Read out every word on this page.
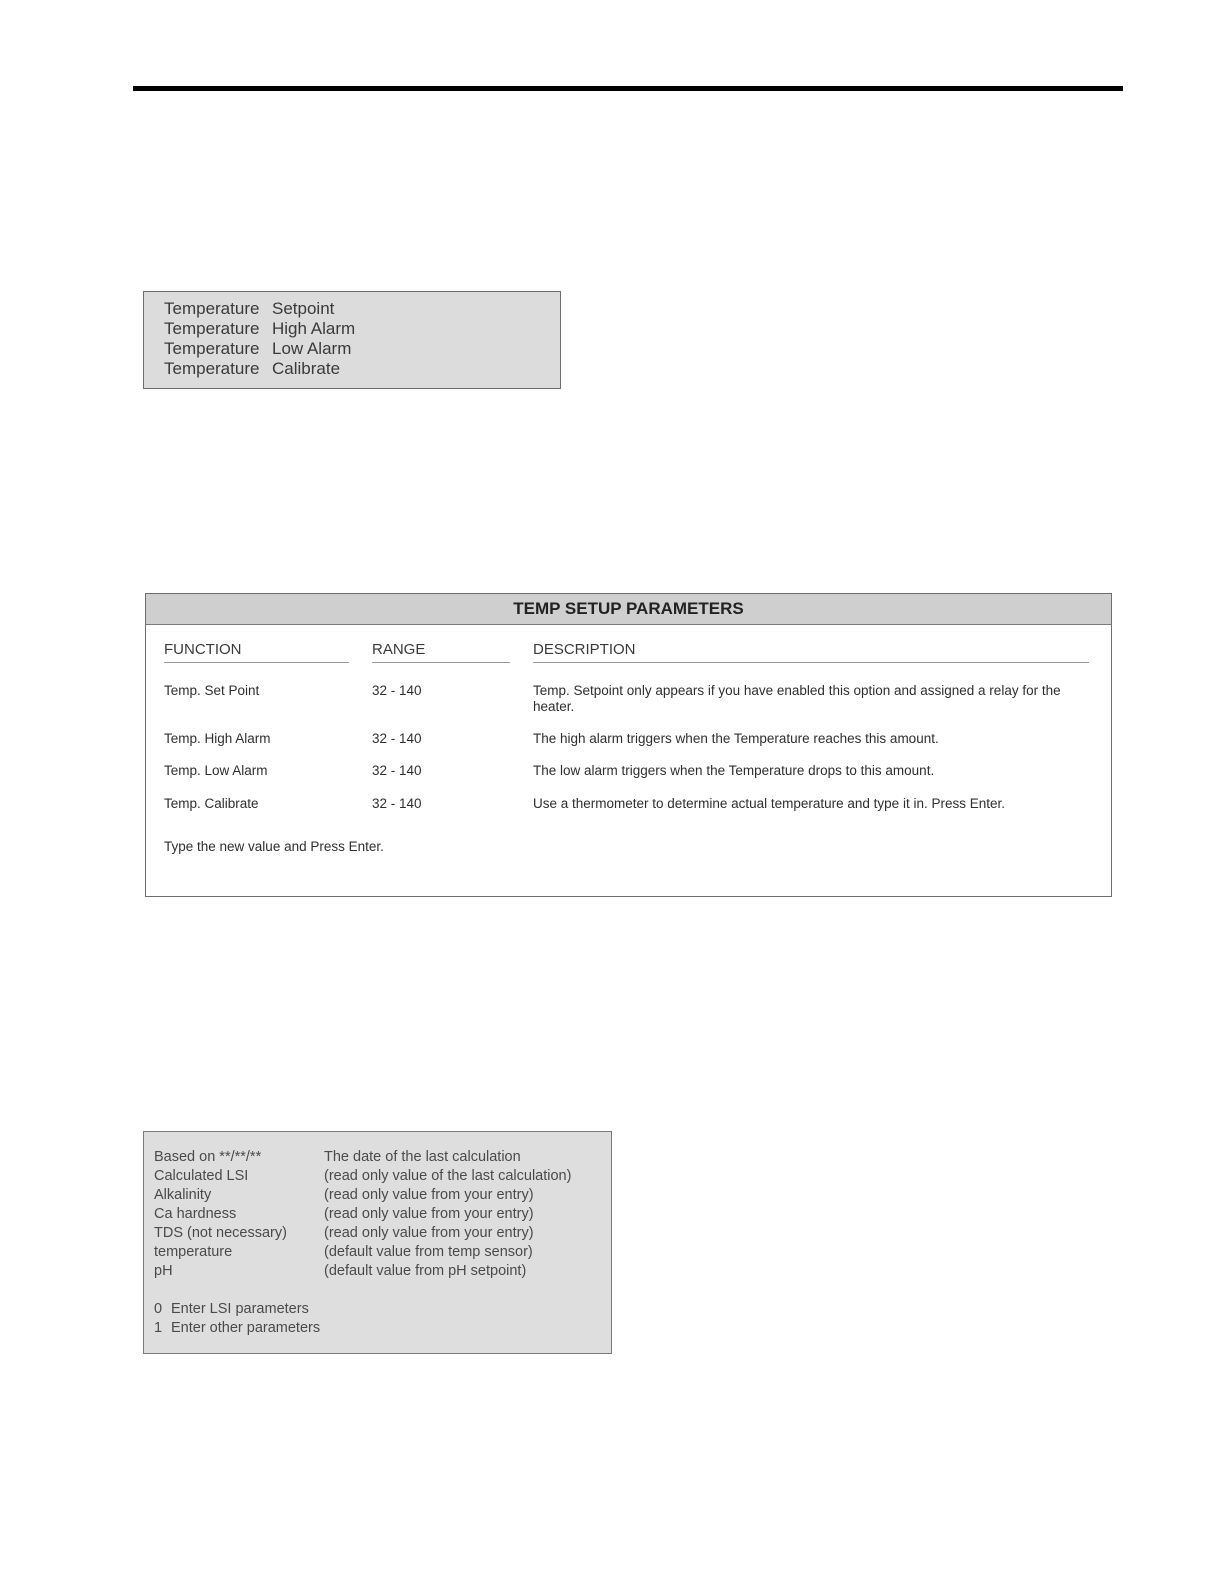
Temperature Setpoint
Temperature High Alarm
Temperature Low Alarm
Temperature Calibrate
TEMP SETUP PARAMETERS
FUNCTION	RANGE	DESCRIPTION
Temp. Set Point	32 - 140	Temp. Setpoint only appears if you have enabled this option and assigned a relay for the heater.
Temp. High Alarm	32 - 140	The high alarm triggers when the Temperature reaches this amount.
Temp. Low Alarm	32 - 140	The low alarm triggers when the Temperature drops to this amount.
Temp. Calibrate	32 - 140	Use a thermometer to determine actual temperature and type it in. Press Enter.
Type the new value and Press Enter.
Based on **/**/**	The date of the last calculation
Calculated LSI	(read only value of the last calculation)
Alkalinity	(read only value from your entry)
Ca hardness	(read only value from your entry)
TDS (not necessary)	(read only value from your entry)
temperature	(default value from temp sensor)
pH	(default value from pH setpoint)
0 Enter LSI parameters
1 Enter other parameters
